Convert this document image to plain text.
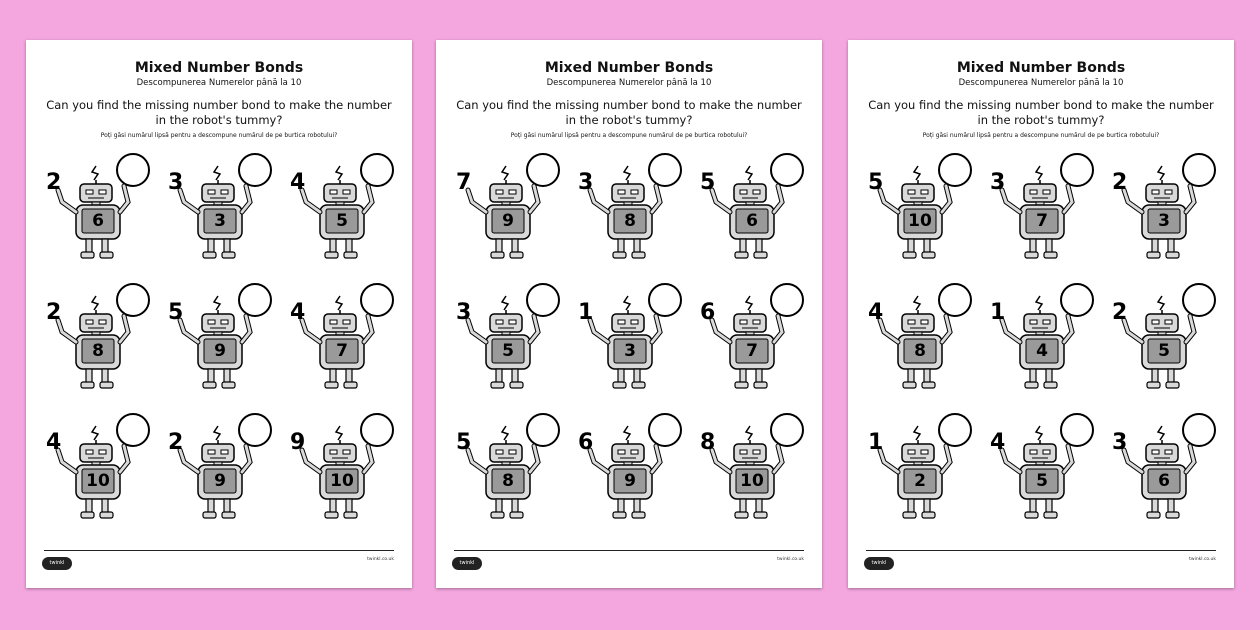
Mixed Number Bonds
Descompunerea Numerelor până la 10
Can you find the missing number bond to make the number in the robot's tummy?
Poți găsi numărul lipsă pentru a descompune numărul de pe burtica robotului?
2
6
3
3
4
5
2
8
5
9
4
7
4
10
2
9
9
10
twinkl
twinkl.co.uk
Mixed Number Bonds
Descompunerea Numerelor până la 10
Can you find the missing number bond to make the number in the robot's tummy?
Poți găsi numărul lipsă pentru a descompune numărul de pe burtica robotului?
7
9
3
8
5
6
3
5
1
3
6
7
5
8
6
9
8
10
twinkl
twinkl.co.uk
Mixed Number Bonds
Descompunerea Numerelor până la 10
Can you find the missing number bond to make the number in the robot's tummy?
Poți găsi numărul lipsă pentru a descompune numărul de pe burtica robotului?
5
10
3
7
2
3
4
8
1
4
2
5
1
2
4
5
3
6
twinkl
twinkl.co.uk
